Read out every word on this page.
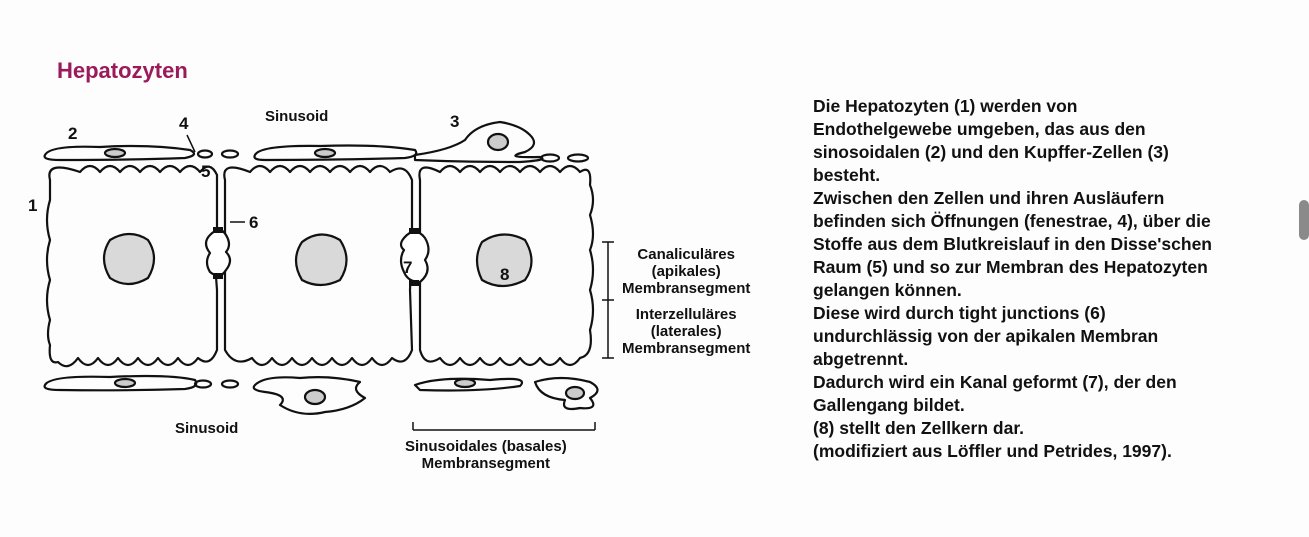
Hepatozyten
Sinusoid
Sinusoid
1
2
3
4
5
6
7	8
Canaliculäres
(apikales)
Membransegment
Interzelluläres
(laterales)
Membransegment
Sinusoidales (basales)
Membransegment
Die Hepatozyten (1) werden von
Endothelgewebe umgeben, das aus den
sinosoidalen (2) und den Kupffer-Zellen (3)
besteht.
Zwischen den Zellen und ihren Ausläufern
befinden sich Öffnungen (fenestrae, 4), über die
Stoffe aus dem Blutkreislauf in den Disse'schen
Raum (5) und so zur Membran des Hepatozyten
gelangen können.
Diese wird durch tight junctions (6)
undurchlässig von der apikalen Membran
abgetrennt.
Dadurch wird ein Kanal geformt (7), der den
Gallengang bildet.
(8) stellt den Zellkern dar.
(modifiziert aus Löffler und Petrides, 1997).
